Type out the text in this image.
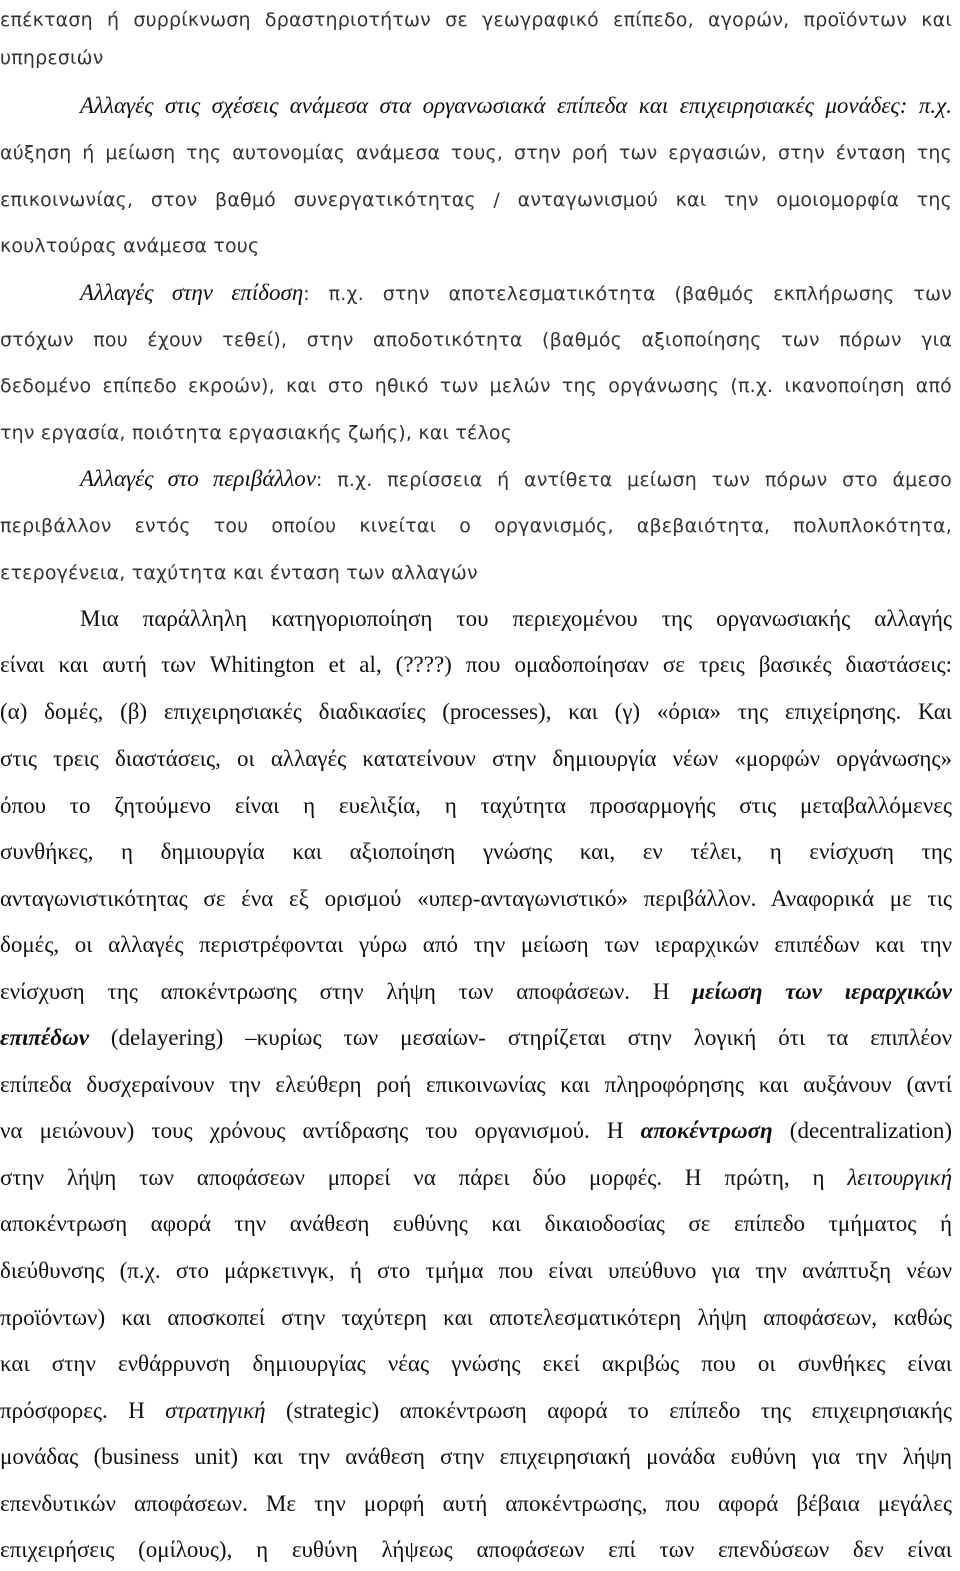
επέκταση ή συρρίκνωση δραστηριοτήτων σε γεωγραφικό επίπεδο, αγορών, προϊόντων και
υπηρεσιών
Αλλαγές στις σχέσεις ανάμεσα στα οργανωσιακά επίπεδα και επιχειρησιακές μονάδες: π.χ.
αύξηση ή μείωση της αυτονομίας ανάμεσα τους, στην ροή των εργασιών, στην ένταση της
επικοινωνίας, στον βαθμό συνεργατικότητας / ανταγωνισμού και την ομοιομορφία της
κουλτούρας ανάμεσα τους
Αλλαγές στην επίδοση: π.χ. στην αποτελεσματικότητα (βαθμός εκπλήρωσης των
στόχων που έχουν τεθεί), στην αποδοτικότητα (βαθμός αξιοποίησης των πόρων για
δεδομένο επίπεδο εκροών), και στο ηθικό των μελών της οργάνωσης (π.χ. ικανοποίηση από
την εργασία, ποιότητα εργασιακής ζωής), και τέλος
Αλλαγές στο περιβάλλον: π.χ. περίσσεια ή αντίθετα μείωση των πόρων στο άμεσο
περιβάλλον εντός του οποίου κινείται ο οργανισμός, αβεβαιότητα, πολυπλοκότητα,
ετερογένεια, ταχύτητα και ένταση των αλλαγών
Μια παράλληλη κατηγοριοποίηση του περιεχομένου της οργανωσιακής αλλαγής
είναι και αυτή των Whitington et al, (????) που ομαδοποίησαν σε τρεις βασικές διαστάσεις:
(α) δομές, (β) επιχειρησιακές διαδικασίες (processes), και (γ) «όρια» της επιχείρησης. Και
στις τρεις διαστάσεις, οι αλλαγές κατατείνουν στην δημιουργία νέων «μορφών οργάνωσης»
όπου το ζητούμενο είναι η ευελιξία, η ταχύτητα προσαρμογής στις μεταβαλλόμενες
συνθήκες, η δημιουργία και αξιοποίηση γνώσης και, εν τέλει, η ενίσχυση της
ανταγωνιστικότητας σε ένα εξ ορισμού «υπερ-ανταγωνιστικό» περιβάλλον. Αναφορικά με τις
δομές, οι αλλαγές περιστρέφονται γύρω από την μείωση των ιεραρχικών επιπέδων και την
ενίσχυση της αποκέντρωσης στην λήψη των αποφάσεων. Η μείωση των ιεραρχικών
επιπέδων (delayering) –κυρίως των μεσαίων- στηρίζεται στην λογική ότι τα επιπλέον
επίπεδα δυσχεραίνουν την ελεύθερη ροή επικοινωνίας και πληροφόρησης και αυξάνουν (αντί
να μειώνουν) τους χρόνους αντίδρασης του οργανισμού. Η αποκέντρωση (decentralization)
στην λήψη των αποφάσεων μπορεί να πάρει δύο μορφές. Η πρώτη, η λειτουργική
αποκέντρωση αφορά την ανάθεση ευθύνης και δικαιοδοσίας σε επίπεδο τμήματος ή
διεύθυνσης (π.χ. στο μάρκετινγκ, ή στο τμήμα που είναι υπεύθυνο για την ανάπτυξη νέων
προϊόντων) και αποσκοπεί στην ταχύτερη και αποτελεσματικότερη λήψη αποφάσεων, καθώς
και στην ενθάρρυνση δημιουργίας νέας γνώσης εκεί ακριβώς που οι συνθήκες είναι
πρόσφορες. Η στρατηγική (strategic) αποκέντρωση αφορά το επίπεδο της επιχειρησιακής
μονάδας (business unit) και την ανάθεση στην επιχειρησιακή μονάδα ευθύνη για την λήψη
επενδυτικών αποφάσεων. Με την μορφή αυτή αποκέντρωσης, που αφορά βέβαια μεγάλες
επιχειρήσεις (ομίλους), η ευθύνη λήψεως αποφάσεων επί των επενδύσεων δεν είναι
